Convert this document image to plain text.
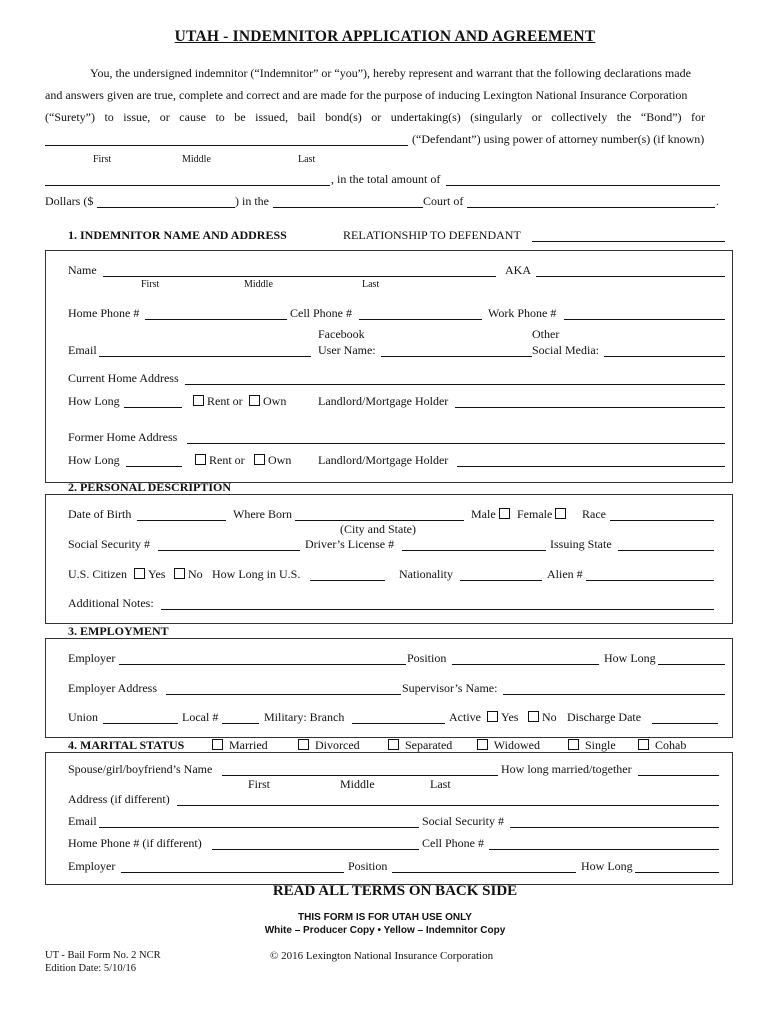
UTAH - INDEMNITOR APPLICATION AND AGREEMENT
You, the undersigned indemnitor (“Indemnitor” or “you”), hereby represent and warrant that the following declarations made
and answers given are true, complete and correct and are made for the purpose of inducing Lexington National Insurance Corporation
(“Surety”) to issue, or cause to be issued, bail bond(s) or undertaking(s) (singularly or collectively the “Bond”) for
(“Defendant”) using power of attorney number(s) (if known)
First	Middle	Last
, in the total amount of
Dollars ($	) in the	Court of	.
1. INDEMNITOR NAME AND ADDRESS	RELATIONSHIP TO DEFENDANT
Name	AKA
First	Middle	Last
Home Phone #	Cell Phone #	Work Phone #
Facebook	Other
Email	User Name:	Social Media:
Current Home Address
How Long	Rent or	Own	Landlord/Mortgage Holder
Former Home Address
How Long	Rent or	Own Landlord/Mortgage Holder
2. PERSONAL DESCRIPTION
Date of Birth	Where Born	Male	Female	Race
(City and State)
Social Security #	Driver’s License #	Issuing State
U.S. Citizen	Yes	No How Long in U.S.	Nationality	Alien #
Additional Notes:
3. EMPLOYMENT
Employer	Position	How Long
Employer Address	Supervisor’s Name:
Union	Local #	Military: Branch	Active	Yes	No Discharge Date
4. MARITAL STATUS	Married	Divorced	Separated	Widowed	Single	Cohab
Spouse/girl/boyfriend’s Name	How long married/together
First	Middle	Last
Address (if different)
Email	Social Security #
Home Phone # (if different)	Cell Phone #
Employer	Position	How Long
READ ALL TERMS ON BACK SIDE
THIS FORM IS FOR UTAH USE ONLY
White – Producer Copy • Yellow – Indemnitor Copy
UT - Bail Form No. 2 NCR
Edition Date: 5/10/16
© 2016 Lexington National Insurance Corporation
